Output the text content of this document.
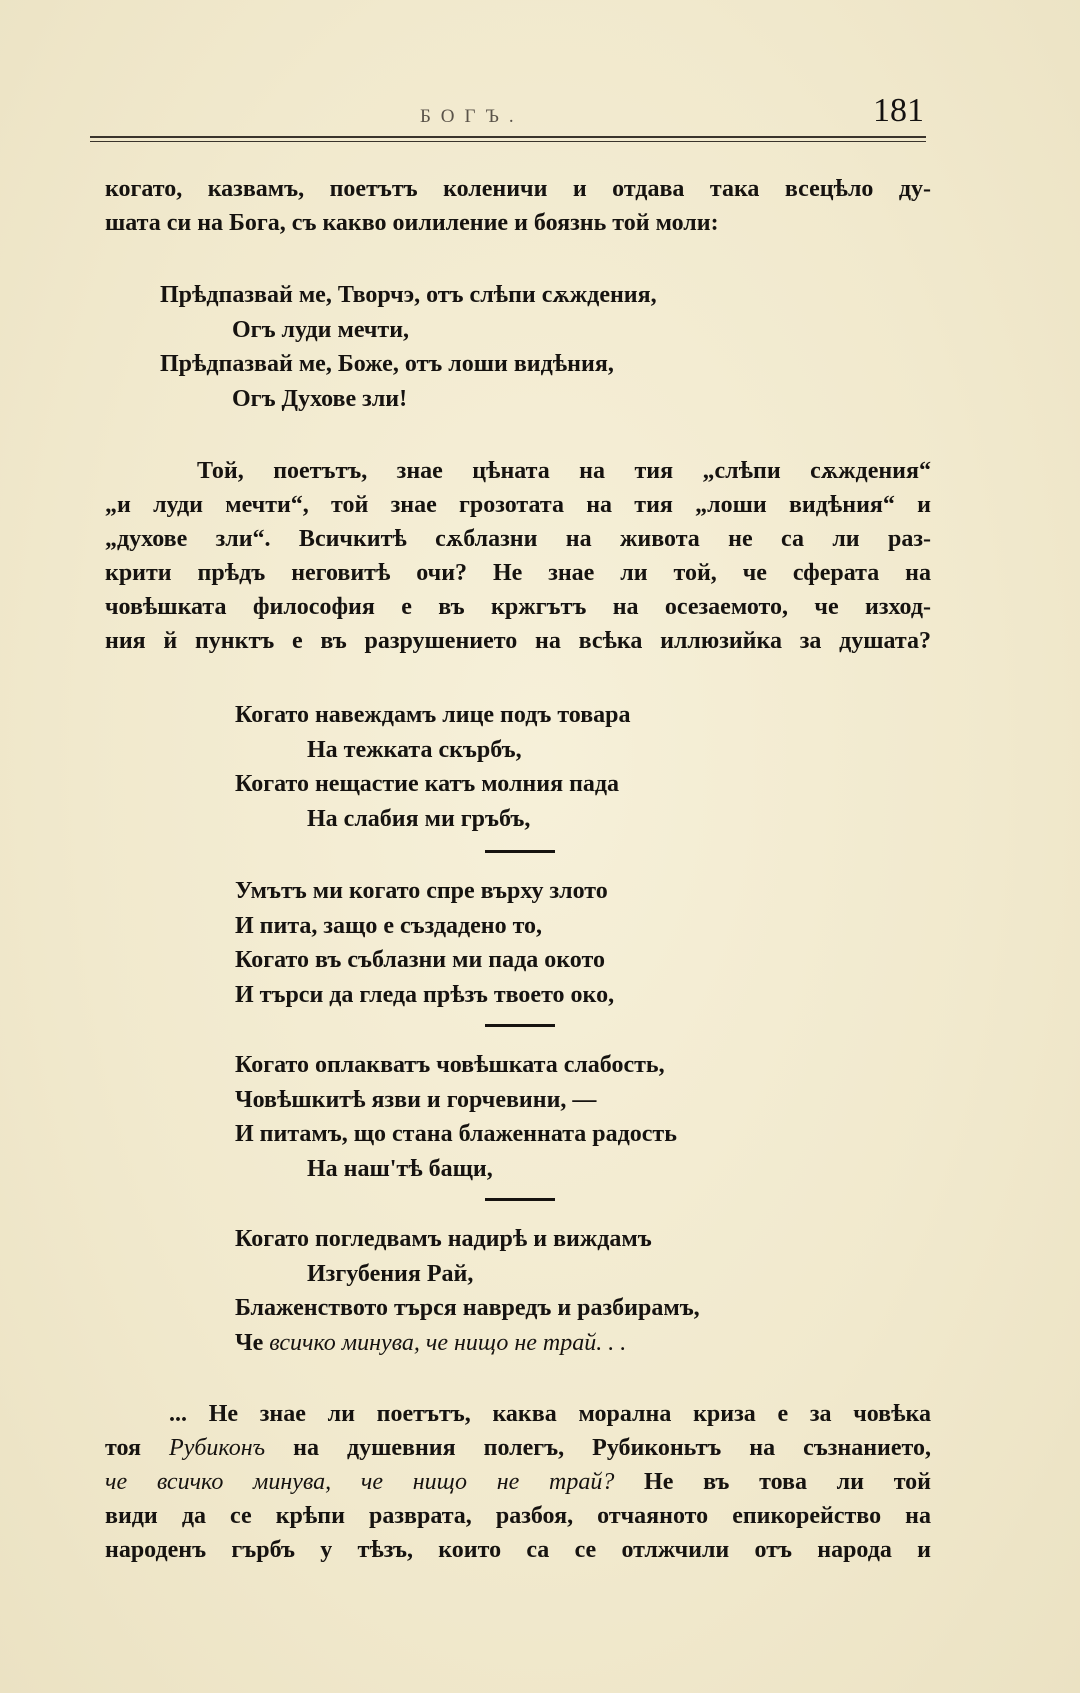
БОГЪ.	181

когато, казвамъ, поетътъ коленичи и отдава така всецѣло ду-
шата си на Бога, съ какво оилиление и боязнь той моли:

Прѣдпазвай ме, Творчэ, отъ слѣпи сѫждения,
Огъ луди мечти,
Прѣдпазвай ме, Боже, отъ лоши видѣния,
Огъ Духове зли!

Той, поетътъ, знае цѣната на тия „слѣпи сѫждения“
„и луди мечти“, той знае грозотата на тия „лоши видѣния“ и
„духове зли“. Всичкитѣ сѫблазни на живота не са ли раз-
крити прѣдъ неговитѣ очи? Не знае ли той, че сферата на
човѣшката философия е въ кржгътъ на осезаемото, че изход-
ния й пунктъ е въ разрушението на всѣка иллюзийка за душата?

Когато навеждамъ лице подъ товара
На тежката скърбъ,
Когато нещастие катъ молния пада
На слабия ми гръбъ,
Умътъ ми когато спре върху злото
И пита, защо е създадено то,
Когато въ съблазни ми пада окото
И търси да гледа прѣзъ твоето око,
Когато оплакватъ човѣшката слабость,
Човѣшкитѣ язви и горчевини, —
И питамъ, що стана блаженната радость
На наш'тѣ бащи,
Когато погледвамъ надирѣ и виждамъ
Изгубения Рай,
Блаженството търся навредъ и разбирамъ,
Че всичко минува, че нищо не трай. . .

... Не знае ли поетътъ, каква морална криза е за човѣка
тоя Рубиконъ на душевния полегъ, Рубиконьтъ на съзнанието,
че всичко минува, че нищо не трай? Не въ това ли той
види да се крѣпи разврата, разбоя, отчаяното епикорейство на
народенъ гърбъ у тѣзъ, които са се отлжчили отъ народа и
